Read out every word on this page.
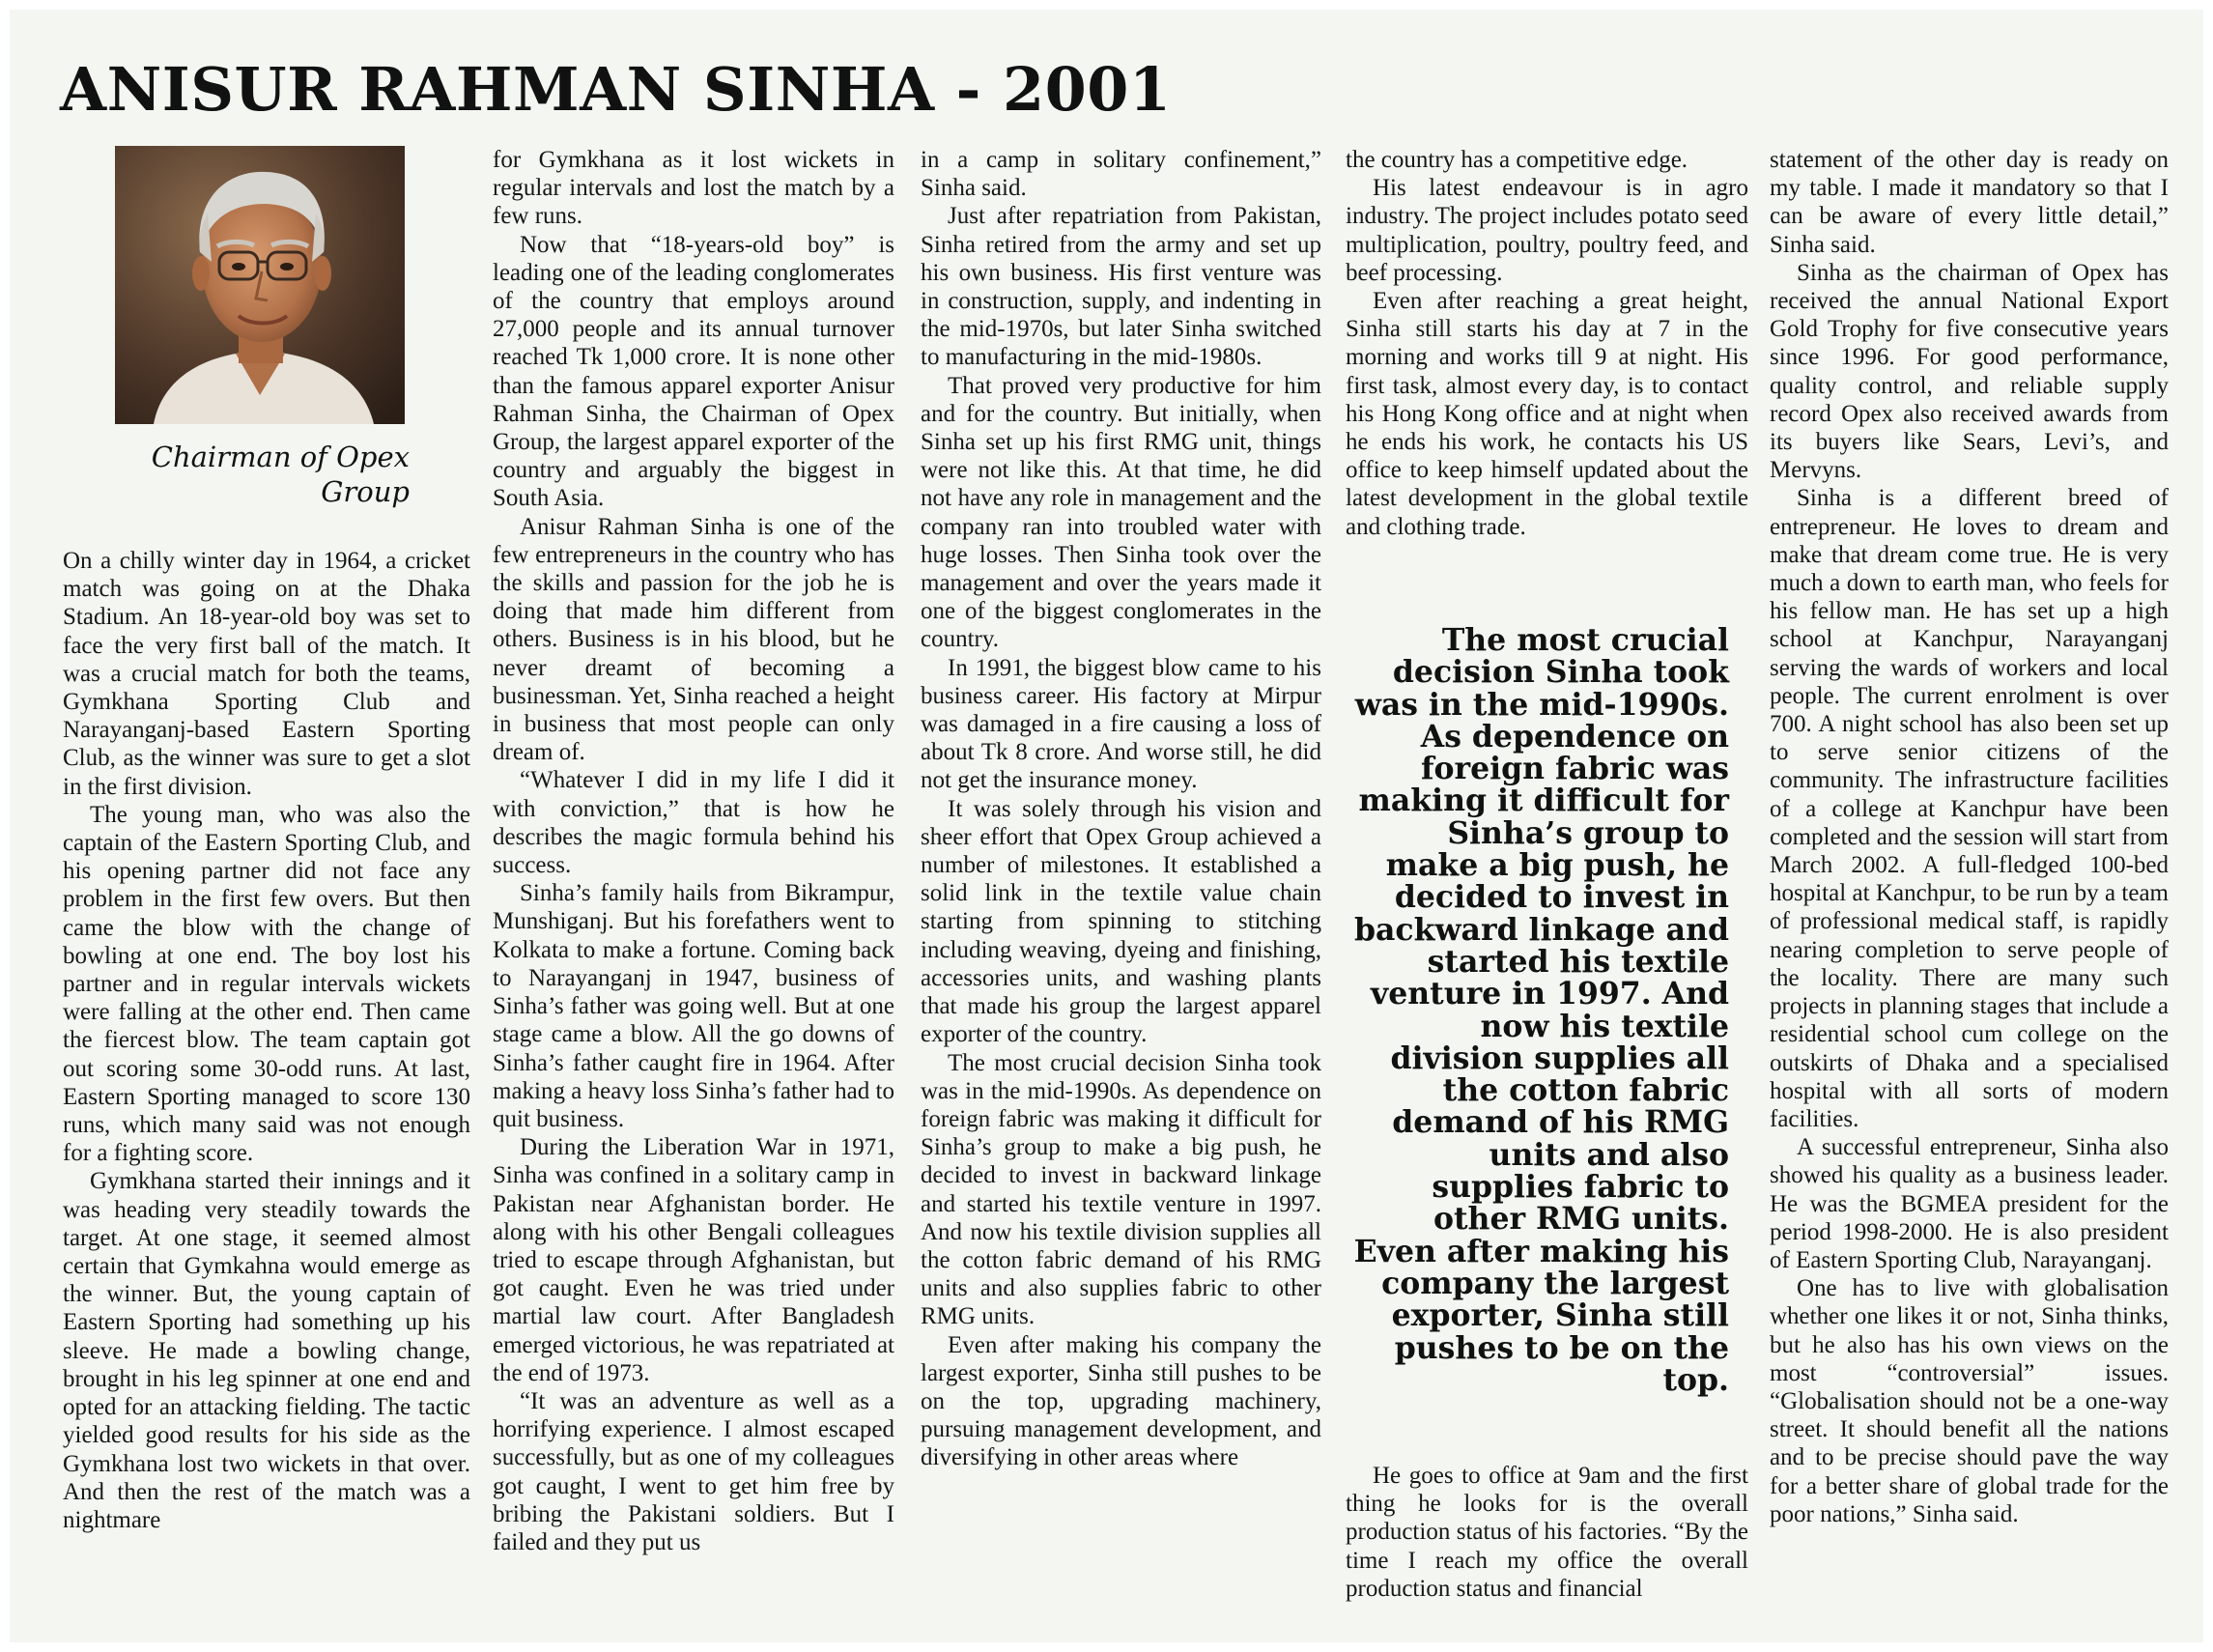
ANISUR RAHMAN SINHA - 2001
Chairman of Opex Group

On a chilly winter day in 1964, a cricket match was going on at the Dhaka Stadium. An 18-year-old boy was set to face the very first ball of the match. It was a crucial match for both the teams, Gymkhana Sporting Club and Narayanganj-based Eastern Sporting Club, as the winner was sure to get a slot in the first division.

The young man, who was also the captain of the Eastern Sporting Club, and his opening partner did not face any problem in the first few overs. But then came the blow with the change of bowling at one end. The boy lost his partner and in regular intervals wickets were falling at the other end. Then came the fiercest blow. The team captain got out scoring some 30-odd runs. At last, Eastern Sporting managed to score 130 runs, which many said was not enough for a fighting score.

Gymkhana started their innings and it was heading very steadily towards the target. At one stage, it seemed almost certain that Gymkahna would emerge as the winner. But, the young captain of Eastern Sporting had something up his sleeve. He made a bowling change, brought in his leg spinner at one end and opted for an attacking fielding. The tactic yielded good results for his side as the Gymkhana lost two wickets in that over. And then the rest of the match was a nightmare

for Gymkhana as it lost wickets in regular intervals and lost the match by a few runs.

Now that “18-years-old boy” is leading one of the leading conglomerates of the country that employs around 27,000 people and its annual turnover reached Tk 1,000 crore. It is none other than the famous apparel exporter Anisur Rahman Sinha, the Chairman of Opex Group, the largest apparel exporter of the country and arguably the biggest in South Asia.

Anisur Rahman Sinha is one of the few entrepreneurs in the country who has the skills and passion for the job he is doing that made him different from others. Business is in his blood, but he never dreamt of becoming a businessman. Yet, Sinha reached a height in business that most people can only dream of.

“Whatever I did in my life I did it with conviction,” that is how he describes the magic formula behind his success.

Sinha’s family hails from Bikrampur, Munshiganj. But his forefathers went to Kolkata to make a fortune. Coming back to Narayanganj in 1947, business of Sinha’s father was going well. But at one stage came a blow. All the go downs of Sinha’s father caught fire in 1964. After making a heavy loss Sinha’s father had to quit business.

During the Liberation War in 1971, Sinha was confined in a solitary camp in Pakistan near Afghanistan border. He along with his other Bengali colleagues tried to escape through Afghanistan, but got caught. Even he was tried under martial law court. After Bangladesh emerged victorious, he was repatriated at the end of 1973.

“It was an adventure as well as a horrifying experience. I almost escaped successfully, but as one of my colleagues got caught, I went to get him free by bribing the Pakistani soldiers. But I failed and they put us

in a camp in solitary confinement,” Sinha said.

Just after repatriation from Pakistan, Sinha retired from the army and set up his own business. His first venture was in construction, supply, and indenting in the mid-1970s, but later Sinha switched to manufacturing in the mid-1980s.

That proved very productive for him and for the country. But initially, when Sinha set up his first RMG unit, things were not like this. At that time, he did not have any role in management and the company ran into troubled water with huge losses. Then Sinha took over the management and over the years made it one of the biggest conglomerates in the country.

In 1991, the biggest blow came to his business career. His factory at Mirpur was damaged in a fire causing a loss of about Tk 8 crore. And worse still, he did not get the insurance money.

It was solely through his vision and sheer effort that Opex Group achieved a number of milestones. It established a solid link in the textile value chain starting from spinning to stitching including weaving, dyeing and finishing, accessories units, and washing plants that made his group the largest apparel exporter of the country.

The most crucial decision Sinha took was in the mid-1990s. As dependence on foreign fabric was making it difficult for Sinha’s group to make a big push, he decided to invest in backward linkage and started his textile venture in 1997. And now his textile division supplies all the cotton fabric demand of his RMG units and also supplies fabric to other RMG units.

Even after making his company the largest exporter, Sinha still pushes to be on the top, upgrading machinery, pursuing management development, and diversifying in other areas where

the country has a competitive edge.

His latest endeavour is in agro industry. The project includes potato seed multiplication, poultry, poultry feed, and beef processing.

Even after reaching a great height, Sinha still starts his day at 7 in the morning and works till 9 at night. His first task, almost every day, is to contact his Hong Kong office and at night when he ends his work, he contacts his US office to keep himself updated about the latest development in the global textile and clothing trade.

The most crucial decision Sinha took was in the mid-1990s. As dependence on foreign fabric was making it difficult for Sinha’s group to make a big push, he decided to invest in backward linkage and started his textile venture in 1997. And now his textile division supplies all the cotton fabric demand of his RMG units and also supplies fabric to other RMG units. Even after making his company the largest exporter, Sinha still pushes to be on the top.

He goes to office at 9am and the first thing he looks for is the overall production status of his factories. “By the time I reach my office the overall production status and financial

statement of the other day is ready on my table. I made it mandatory so that I can be aware of every little detail,” Sinha said.

Sinha as the chairman of Opex has received the annual National Export Gold Trophy for five consecutive years since 1996. For good performance, quality control, and reliable supply record Opex also received awards from its buyers like Sears, Levi’s, and Mervyns.

Sinha is a different breed of entrepreneur. He loves to dream and make that dream come true. He is very much a down to earth man, who feels for his fellow man. He has set up a high school at Kanchpur, Narayanganj serving the wards of workers and local people. The current enrolment is over 700. A night school has also been set up to serve senior citizens of the community. The infrastructure facilities of a college at Kanchpur have been completed and the session will start from March 2002. A full-fledged 100-bed hospital at Kanchpur, to be run by a team of professional medical staff, is rapidly nearing completion to serve people of the locality. There are many such projects in planning stages that include a residential school cum college on the outskirts of Dhaka and a specialised hospital with all sorts of modern facilities.

A successful entrepreneur, Sinha also showed his quality as a business leader. He was the BGMEA president for the period 1998-2000. He is also president of Eastern Sporting Club, Narayanganj.

One has to live with globalisation whether one likes it or not, Sinha thinks, but he also has his own views on the most “controversial” issues. “Globalisation should not be a one-way street. It should benefit all the nations and to be precise should pave the way for a better share of global trade for the poor nations,” Sinha said.
